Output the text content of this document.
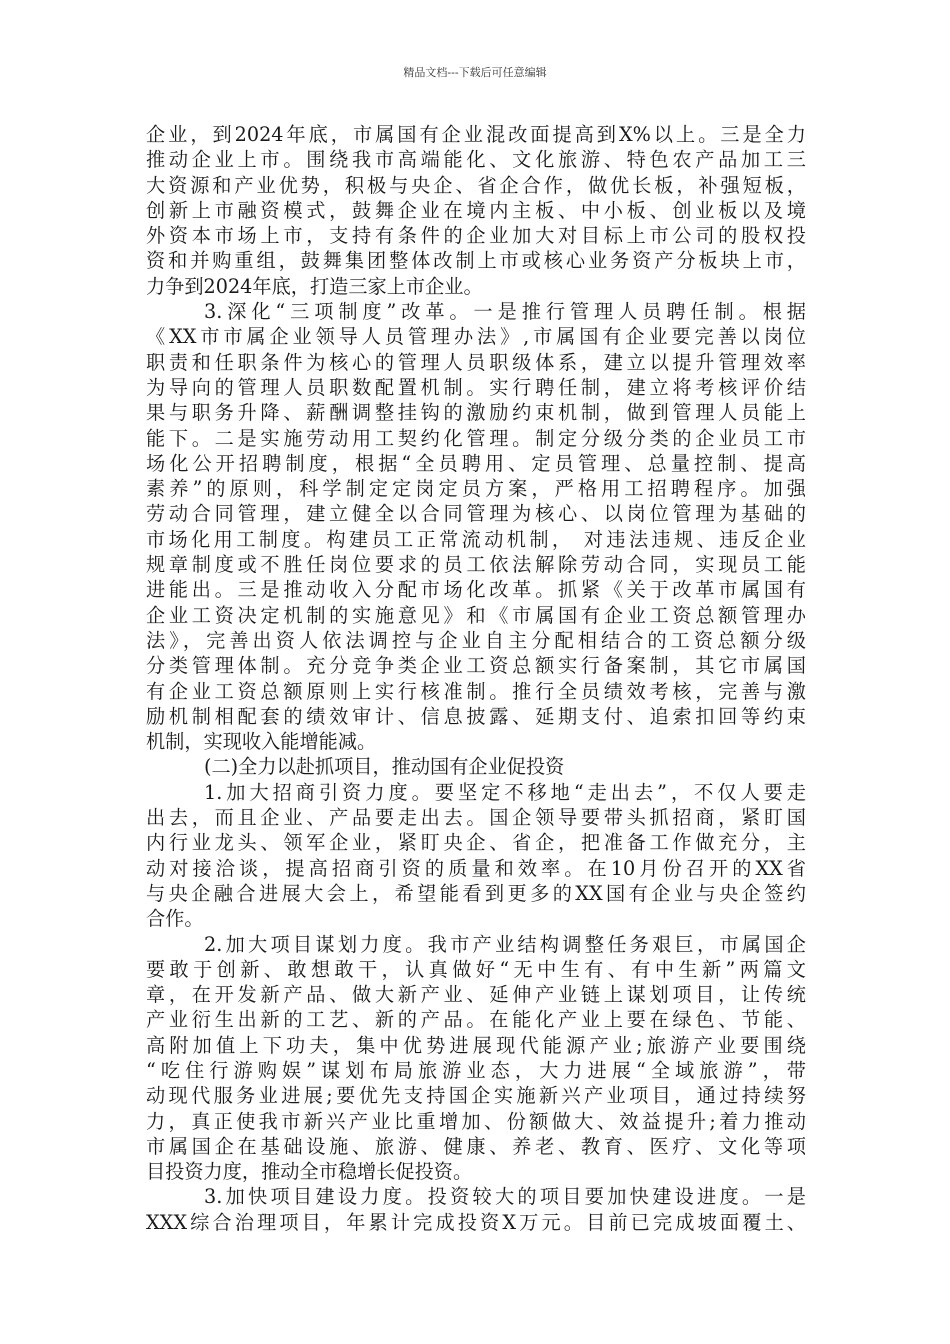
精品文档---下载后可任意编辑
企业，到2024年底，市属国有企业混改面提高到X%以上。三是全力
推动企业上市。围绕我市高端能化、文化旅游、特色农产品加工三
大资源和产业优势，积极与央企、省企合作，做优长板，补强短板，
创新上市融资模式，鼓舞企业在境内主板、中小板、创业板以及境
外资本市场上市，支持有条件的企业加大对目标上市公司的股权投
资和并购重组，鼓舞集团整体改制上市或核心业务资产分板块上市，
力争到2024年底，打造三家上市企业。
3.深化“三项制度”改革。一是推行管理人员聘任制。根据
《XX市市属企业领导人员管理办法》,市属国有企业要完善以岗位
职责和任职条件为核心的管理人员职级体系，建立以提升管理效率
为导向的管理人员职数配置机制。实行聘任制，建立将考核评价结
果与职务升降、薪酬调整挂钩的激励约束机制，做到管理人员能上
能下。二是实施劳动用工契约化管理。制定分级分类的企业员工市
场化公开招聘制度，根据“全员聘用、定员管理、总量控制、提高
素养”的原则，科学制定定岗定员方案，严格用工招聘程序。加强
劳动合同管理，建立健全以合同管理为核心、以岗位管理为基础的
市场化用工制度。构建员工正常流动机制， 对违法违规、违反企业
规章制度或不胜任岗位要求的员工依法解除劳动合同，实现员工能
进能出。三是推动收入分配市场化改革。抓紧《关于改革市属国有
企业工资决定机制的实施意见》和《市属国有企业工资总额管理办
法》，完善出资人依法调控与企业自主分配相结合的工资总额分级
分类管理体制。充分竞争类企业工资总额实行备案制，其它市属国
有企业工资总额原则上实行核准制。推行全员绩效考核，完善与激
励机制相配套的绩效审计、信息披露、延期支付、追索扣回等约束
机制，实现收入能增能减。
(二)全力以赴抓项目，推动国有企业促投资
1.加大招商引资力度。要坚定不移地“走出去”，不仅人要走
出去，而且企业、产品要走出去。国企领导要带头抓招商，紧盯国
内行业龙头、领军企业，紧盯央企、省企，把准备工作做充分，主
动对接洽谈，提高招商引资的质量和效率。在10月份召开的XX省
与央企融合进展大会上，希望能看到更多的XX国有企业与央企签约
合作。
2.加大项目谋划力度。我市产业结构调整任务艰巨，市属国企
要敢于创新、敢想敢干，认真做好“无中生有、有中生新”两篇文
章，在开发新产品、做大新产业、延伸产业链上谋划项目，让传统
产业衍生出新的工艺、新的产品。在能化产业上要在绿色、节能、
高附加值上下功夫，集中优势进展现代能源产业;旅游产业要围绕
“吃住行游购娱”谋划布局旅游业态，大力进展“全域旅游”，带
动现代服务业进展;要优先支持国企实施新兴产业项目，通过持续努
力，真正使我市新兴产业比重增加、份额做大、效益提升;着力推动
市属国企在基础设施、旅游、健康、养老、教育、医疗、文化等项
目投资力度，推动全市稳增长促投资。
3.加快项目建设力度。投资较大的项目要加快建设进度。一是
XXX综合治理项目，年累计完成投资X万元。目前已完成坡面覆土、
